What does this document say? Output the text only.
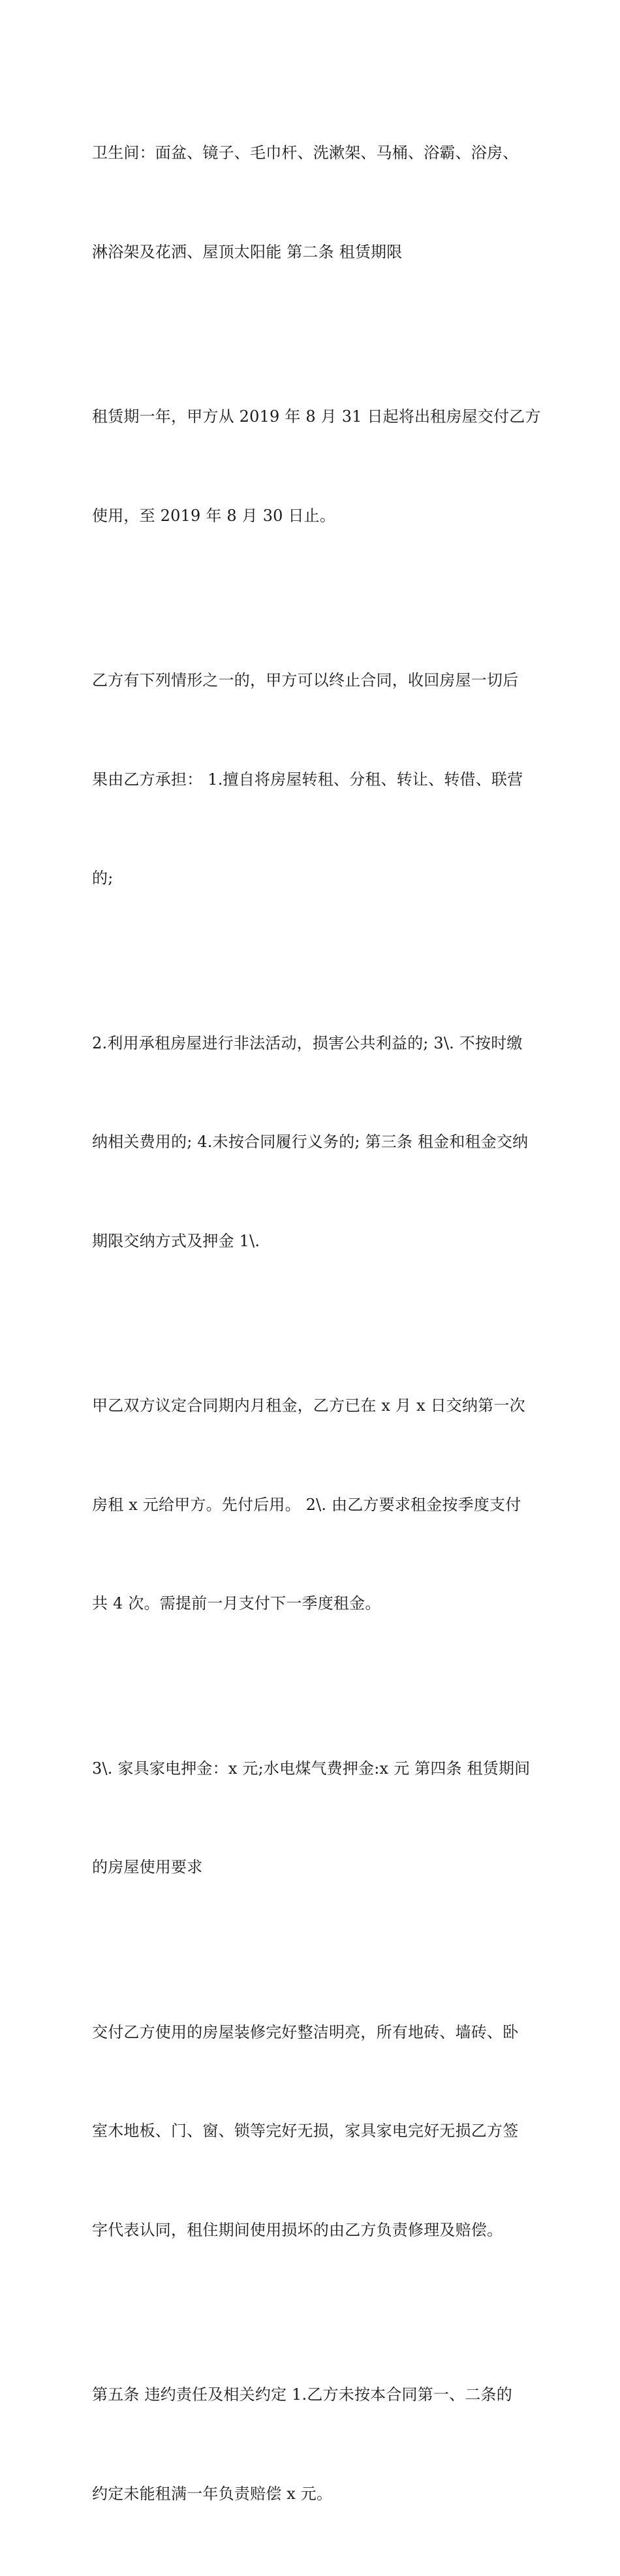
卫生间：面盆、镜子、毛巾杆、洗漱架、马桶、浴霸、浴房、

淋浴架及花洒、屋顶太阳能 第二条 租赁期限

租赁期一年，甲方从 2019 年 8 月 31 日起将出租房屋交付乙方

使用，至 2019 年 8 月 30 日止。

乙方有下列情形之一的，甲方可以终止合同，收回房屋一切后

果由乙方承担： 1.擅自将房屋转租、分租、转让、转借、联营

的;

2.利用承租房屋进行非法活动，损害公共利益的; 3\. 不按时缴

纳相关费用的; 4.未按合同履行义务的; 第三条 租金和租金交纳

期限交纳方式及押金 1\.

甲乙双方议定合同期内月租金，乙方已在 x 月 x 日交纳第一次

房租 x 元给甲方。先付后用。 2\. 由乙方要求租金按季度支付

共 4 次。需提前一月支付下一季度租金。

3\. 家具家电押金：x 元;水电煤气费押金:x 元 第四条 租赁期间

的房屋使用要求

交付乙方使用的房屋装修完好整洁明亮，所有地砖、墙砖、卧

室木地板、门、窗、锁等完好无损，家具家电完好无损乙方签

字代表认同，租住期间使用损坏的由乙方负责修理及赔偿。

第五条 违约责任及相关约定 1.乙方未按本合同第一、二条的

约定未能租满一年负责赔偿 x 元。
